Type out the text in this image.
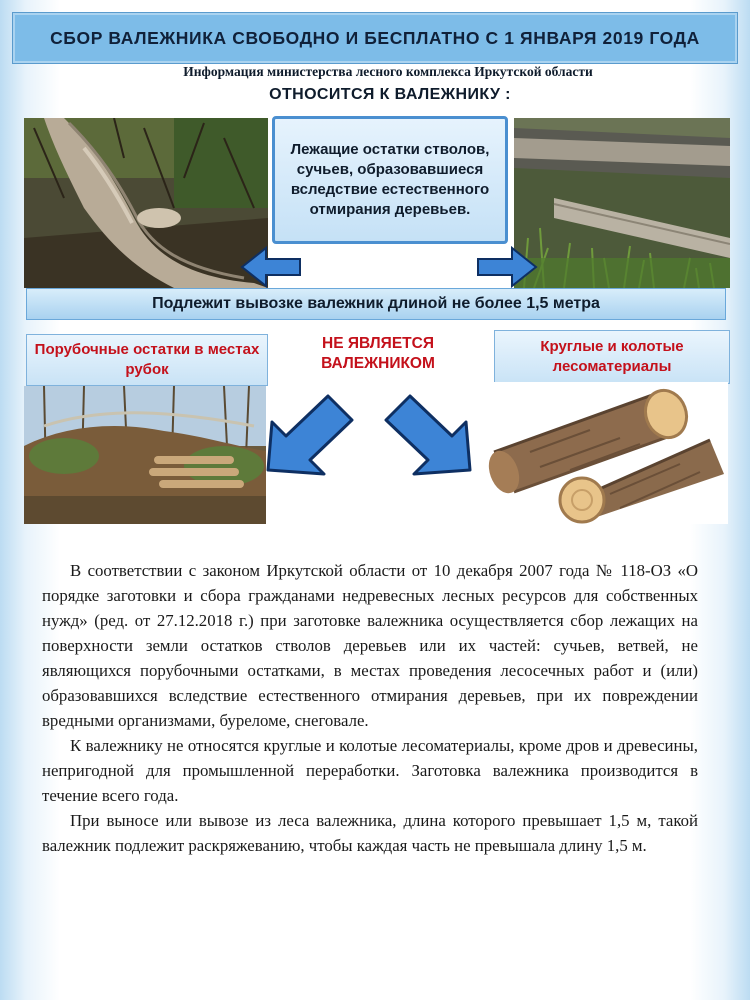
СБОР ВАЛЕЖНИКА СВОБОДНО И БЕСПЛАТНО С 1 ЯНВАРЯ 2019 ГОДА
Информация министерства лесного комплекса Иркутской области
ОТНОСИТСЯ К ВАЛЕЖНИКУ :
Лежащие остатки стволов, сучьев, образовавшиеся вследствие естественного отмирания деревьев.
Подлежит вывозке валежник длиной не более 1,5 метра
Порубочные остатки в местах рубок
НЕ ЯВЛЯЕТСЯ ВАЛЕЖНИКОМ
Круглые и колотые лесоматериалы

В соответствии с законом Иркутской области от 10 декабря 2007 года № 118-ОЗ «О порядке заготовки и сбора гражданами недревесных лесных ресурсов для собственных нужд» (ред. от 27.12.2018 г.) при заготовке валежника осуществляется сбор лежащих на поверхности земли остатков стволов деревьев или их частей: сучьев, ветвей, не являющихся порубочными остатками, в местах проведения лесосечных работ и (или) образовавшихся вследствие естественного отмирания деревьев, при их повреждении вредными организмами, буреломе, снеговале.

К валежнику не относятся круглые и колотые лесоматериалы, кроме дров и древесины, непригодной для промышленной переработки. Заготовка валежника производится в течение всего года.

При выносе или вывозе из леса валежника, длина которого превышает 1,5 м, такой валежник подлежит раскряжеванию, чтобы каждая часть не превышала длину 1,5 м.
